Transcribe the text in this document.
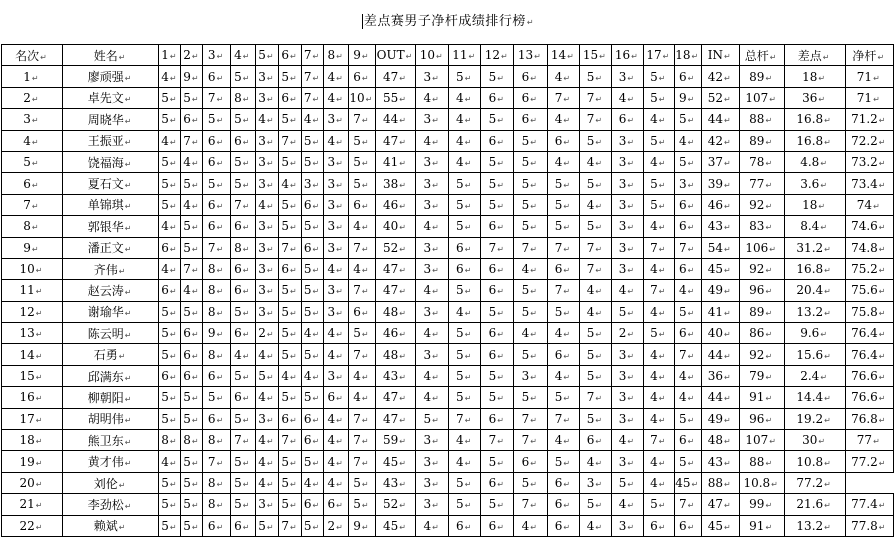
差点赛男子净杆成绩排行榜↵
名次↵	姓名↵	1↵	2↵	3↵	4↵	5↵	6↵	7↵	8↵	9↵	OUT↵	10↵	11↵	12↵	13↵	14↵	15↵	16↵	17↵	18↵	IN↵	总杆↵	差点↵	净杆↵
1↵	廖顽强↵	4↵	9↵	6↵	5↵	3↵	5↵	7↵	4↵	6↵	47↵	3↵	5↵	5↵	6↵	4↵	5↵	3↵	5↵	6↵	42↵	89↵	18↵	71↵
2↵	卓先文↵	5↵	5↵	7↵	8↵	3↵	6↵	7↵	4↵	10↵	55↵	4↵	4↵	6↵	6↵	7↵	7↵	4↵	5↵	9↵	52↵	107↵	36↵	71↵
3↵	周晓华↵	5↵	6↵	5↵	5↵	4↵	5↵	4↵	3↵	7↵	44↵	3↵	4↵	5↵	6↵	4↵	7↵	6↵	4↵	5↵	44↵	88↵	16.8↵	71.2↵
4↵	王振亚↵	4↵	7↵	6↵	6↵	3↵	7↵	5↵	4↵	5↵	47↵	4↵	4↵	6↵	5↵	6↵	5↵	3↵	5↵	4↵	42↵	89↵	16.8↵	72.2↵
5↵	饶福海↵	5↵	4↵	6↵	5↵	3↵	5↵	5↵	3↵	5↵	41↵	3↵	4↵	5↵	5↵	4↵	4↵	3↵	4↵	5↵	37↵	78↵	4.8↵	73.2↵
6↵	夏石文↵	5↵	5↵	5↵	5↵	3↵	4↵	3↵	3↵	5↵	38↵	3↵	5↵	5↵	5↵	5↵	5↵	3↵	5↵	3↵	39↵	77↵	3.6↵	73.4↵
7↵	单锦琪↵	5↵	4↵	6↵	7↵	4↵	5↵	6↵	3↵	6↵	46↵	3↵	5↵	5↵	5↵	5↵	4↵	3↵	5↵	6↵	46↵	92↵	18↵	74↵
8↵	郭银华↵	4↵	5↵	6↵	6↵	3↵	5↵	5↵	3↵	4↵	40↵	4↵	5↵	6↵	5↵	5↵	5↵	3↵	4↵	6↵	43↵	83↵	8.4↵	74.6↵
9↵	潘正文↵	6↵	5↵	7↵	8↵	3↵	7↵	6↵	3↵	7↵	52↵	3↵	6↵	7↵	7↵	7↵	7↵	3↵	7↵	7↵	54↵	106↵	31.2↵	74.8↵
10↵	齐伟↵	4↵	7↵	8↵	6↵	3↵	6↵	5↵	4↵	4↵	47↵	3↵	6↵	6↵	4↵	6↵	7↵	3↵	4↵	6↵	45↵	92↵	16.8↵	75.2↵
11↵	赵云涛↵	6↵	4↵	8↵	6↵	3↵	5↵	5↵	3↵	7↵	47↵	4↵	5↵	6↵	5↵	7↵	4↵	4↵	7↵	4↵	49↵	96↵	20.4↵	75.6↵
12↵	谢瑜华↵	5↵	5↵	8↵	5↵	3↵	5↵	5↵	3↵	6↵	48↵	3↵	4↵	5↵	5↵	5↵	4↵	5↵	4↵	5↵	41↵	89↵	13.2↵	75.8↵
13↵	陈云明↵	5↵	6↵	9↵	6↵	2↵	5↵	4↵	4↵	5↵	46↵	4↵	5↵	6↵	4↵	4↵	5↵	2↵	5↵	6↵	40↵	86↵	9.6↵	76.4↵
14↵	石勇↵	5↵	6↵	8↵	4↵	4↵	5↵	5↵	4↵	7↵	48↵	3↵	5↵	6↵	5↵	6↵	5↵	3↵	4↵	7↵	44↵	92↵	15.6↵	76.4↵
15↵	邱满东↵	6↵	6↵	6↵	5↵	5↵	4↵	4↵	3↵	4↵	43↵	4↵	5↵	5↵	3↵	4↵	5↵	3↵	4↵	4↵	36↵	79↵	2.4↵	76.6↵
16↵	柳朝阳↵	5↵	5↵	5↵	6↵	4↵	5↵	5↵	6↵	4↵	47↵	4↵	5↵	5↵	5↵	5↵	7↵	3↵	4↵	4↵	44↵	91↵	14.4↵	76.6↵
17↵	胡明伟↵	5↵	5↵	6↵	5↵	3↵	6↵	6↵	4↵	7↵	47↵	5↵	7↵	6↵	7↵	7↵	5↵	3↵	4↵	5↵	49↵	96↵	19.2↵	76.8↵
18↵	熊卫东↵	8↵	8↵	8↵	7↵	4↵	7↵	6↵	4↵	7↵	59↵	3↵	4↵	7↵	7↵	4↵	6↵	4↵	7↵	6↵	48↵	107↵	30↵	77↵
19↵	黄才伟↵	4↵	5↵	7↵	5↵	4↵	5↵	5↵	4↵	7↵	45↵	3↵	4↵	5↵	6↵	5↵	4↵	3↵	4↵	5↵	43↵	88↵	10.8↵	77.2↵
20↵	刘伦↵	5↵	5↵	8↵	5↵	4↵	5↵	4↵	4↵	5↵	43↵	3↵	5↵	6↵	5↵	6↵	3↵	5↵	4↵	45↵	88↵	10.8↵	77.2↵	
21↵	李劲松↵	5↵	5↵	8↵	5↵	3↵	5↵	6↵	6↵	5↵	52↵	3↵	5↵	5↵	7↵	6↵	5↵	4↵	5↵	7↵	47↵	99↵	21.6↵	77.4↵
22↵	赖斌↵	5↵	5↵	6↵	6↵	5↵	7↵	5↵	2↵	9↵	45↵	4↵	6↵	6↵	4↵	6↵	4↵	3↵	6↵	6↵	45↵	91↵	13.2↵	77.8↵
